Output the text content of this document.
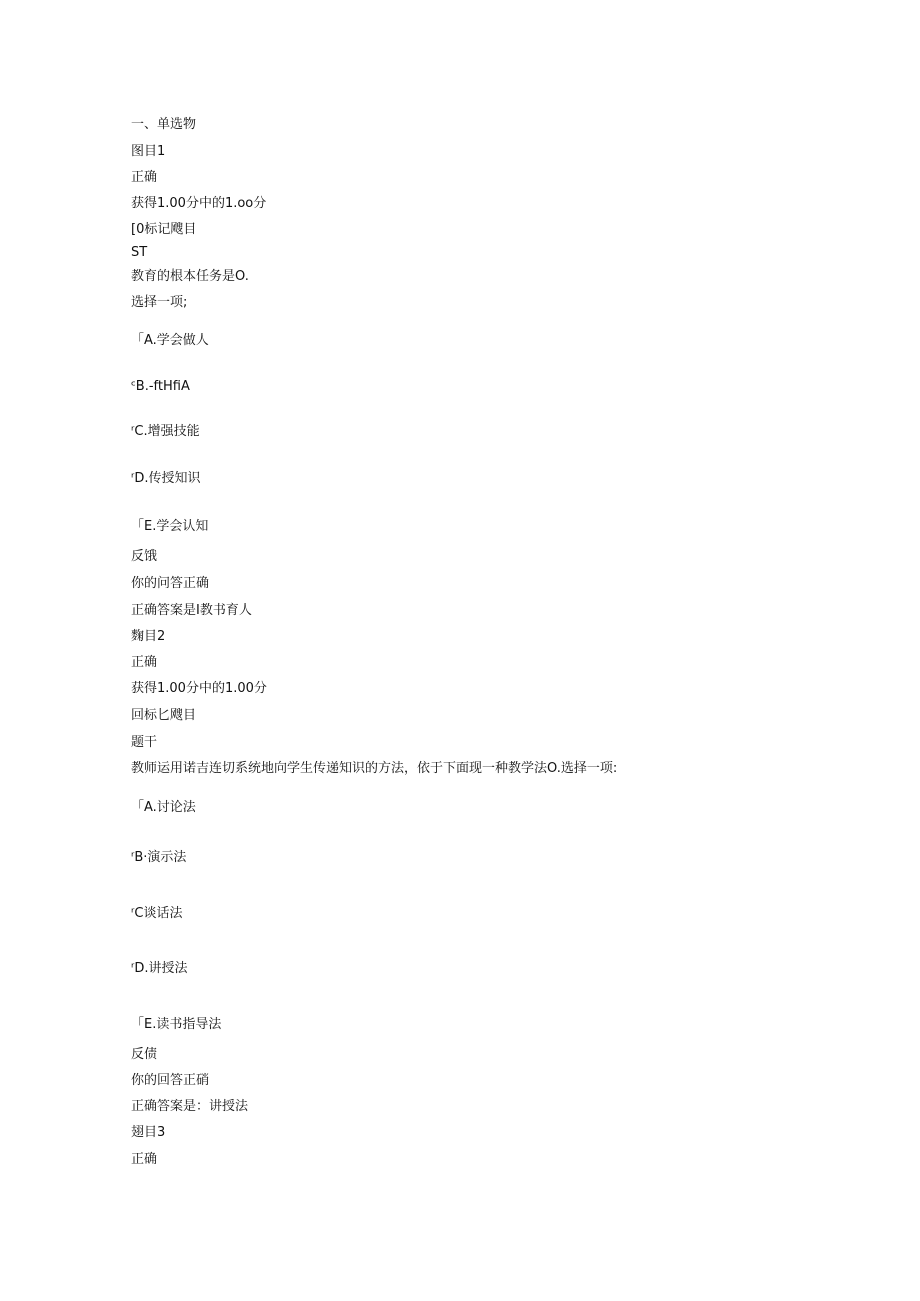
一、单选物
图目1
正确
获得1.00分中的1.oo分
[0标记飕目
ST
教育的根本任务是O.
选择一项;
「A.学会做人
ᶜB.-ftHfiA
ʳC.增强技能
ʳD.传授知识
「E.学会认知
反饿
你的问答正确
正确答案是I教书育人
麴目2
正确
获得1.00分中的1.00分
回标匕飕目
题干
教师运用诺吉连切系统地向学生传递知识的方法，依于下面现一种教学法O.选择一项:
「A.讨论法
ʳB·演示法
ʳC谈话法
ʳD.讲授法
「E.读书指导法
反债
你的回答正硝
正确答案是：讲授法
翅目3
正确
